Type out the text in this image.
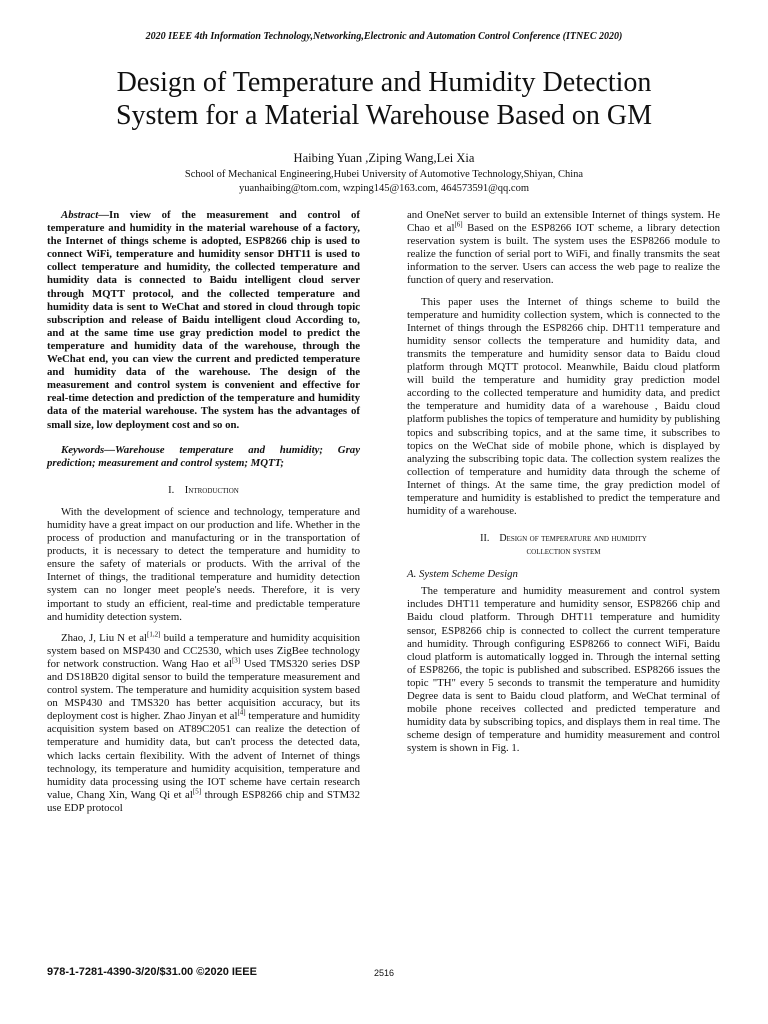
2020 IEEE 4th Information Technology,Networking,Electronic and Automation Control Conference (ITNEC 2020)
Design of Temperature and Humidity Detection
System for a Material Warehouse Based on GM
Haibing Yuan ,Ziping Wang,Lei Xia
School of Mechanical Engineering,Hubei University of Automotive Technology,Shiyan, China
yuanhaibing@tom.com, wzping145@163.com, 464573591@qq.com

Abstract—In view of the measurement and control of temperature and humidity in the material warehouse of a factory, the Internet of things scheme is adopted, ESP8266 chip is used to connect WiFi, temperature and humidity sensor DHT11 is used to collect temperature and humidity, the collected temperature and humidity data is connected to Baidu intelligent cloud server through MQTT protocol, and the collected temperature and humidity data is sent to WeChat and stored in cloud through topic subscription and release of Baidu intelligent cloud According to, and at the same time use gray prediction model to predict the temperature and humidity data of the warehouse, through the WeChat end, you can view the current and predicted temperature and humidity data of the warehouse. The design of the measurement and control system is convenient and effective for real-time detection and prediction of the temperature and humidity data of the material warehouse. The system has the advantages of small size, low deployment cost and so on.

Keywords—Warehouse temperature and humidity; Gray prediction; measurement and control system; MQTT;

I. Introduction

With the development of science and technology, temperature and humidity have a great impact on our production and life. Whether in the process of production and manufacturing or in the transportation of products, it is necessary to detect the temperature and humidity to ensure the safety of materials or products. With the arrival of the Internet of things, the traditional temperature and humidity detection system can no longer meet people's needs. Therefore, it is very important to study an efficient, real-time and predictable temperature and humidity detection system.

Zhao, J, Liu N et al[1,2] build a temperature and humidity acquisition system based on MSP430 and CC2530, which uses ZigBee technology for network construction. Wang Hao et al[3] Used TMS320 series DSP and DS18B20 digital sensor to build the temperature measurement and control system. The temperature and humidity acquisition system based on MSP430 and TMS320 has better acquisition accuracy, but its deployment cost is higher. Zhao Jinyan et al[4] temperature and humidity acquisition system based on AT89C2051 can realize the detection of temperature and humidity data, but can't process the detected data, which lacks certain flexibility. With the advent of Internet of things technology, its temperature and humidity acquisition, temperature and humidity data processing using the IOT scheme have certain research value, Chang Xin, Wang Qi et al[5] through ESP8266 chip and STM32 use EDP protocol

and OneNet server to build an extensible Internet of things system. He Chao et al[6] Based on the ESP8266 IOT scheme, a library detection reservation system is built. The system uses the ESP8266 module to realize the function of serial port to WiFi, and finally transmits the seat information to the server. Users can access the web page to realize the function of query and reservation.

This paper uses the Internet of things scheme to build the temperature and humidity collection system, which is connected to the Internet of things through the ESP8266 chip. DHT11 temperature and humidity sensor collects the temperature and humidity data, and transmits the temperature and humidity sensor data to Baidu cloud platform through MQTT protocol. Meanwhile, Baidu cloud platform will build the temperature and humidity gray prediction model according to the collected temperature and humidity data, and predict the temperature and humidity data of a warehouse , Baidu cloud platform publishes the topics of temperature and humidity by publishing topics and subscribing topics, and at the same time, it subscribes to topics on the WeChat side of mobile phone, which is displayed by analyzing the subscribing topic data. The collection system realizes the collection of temperature and humidity data through the scheme of Internet of things. At the same time, the gray prediction model of temperature and humidity is established to predict the temperature and humidity of a warehouse.

II. Design of temperature and humidity
collection system
A. System Scheme Design

The temperature and humidity measurement and control system includes DHT11 temperature and humidity sensor, ESP8266 chip and Baidu cloud platform. Through DHT11 temperature and humidity sensor, ESP8266 chip is connected to collect the current temperature and humidity. Through configuring ESP8266 to connect WiFi, Baidu cloud platform is automatically logged in. Through the internal setting of ESP8266, the topic is published and subscribed. ESP8266 issues the topic "TH" every 5 seconds to transmit the temperature and humidity Degree data is sent to Baidu cloud platform, and WeChat terminal of mobile phone receives collected and predicted temperature and humidity data by subscribing topics, and displays them in real time. The scheme design of temperature and humidity measurement and control system is shown in Fig. 1.

978-1-7281-4390-3/20/$31.00 ©2020 IEEE	2516
